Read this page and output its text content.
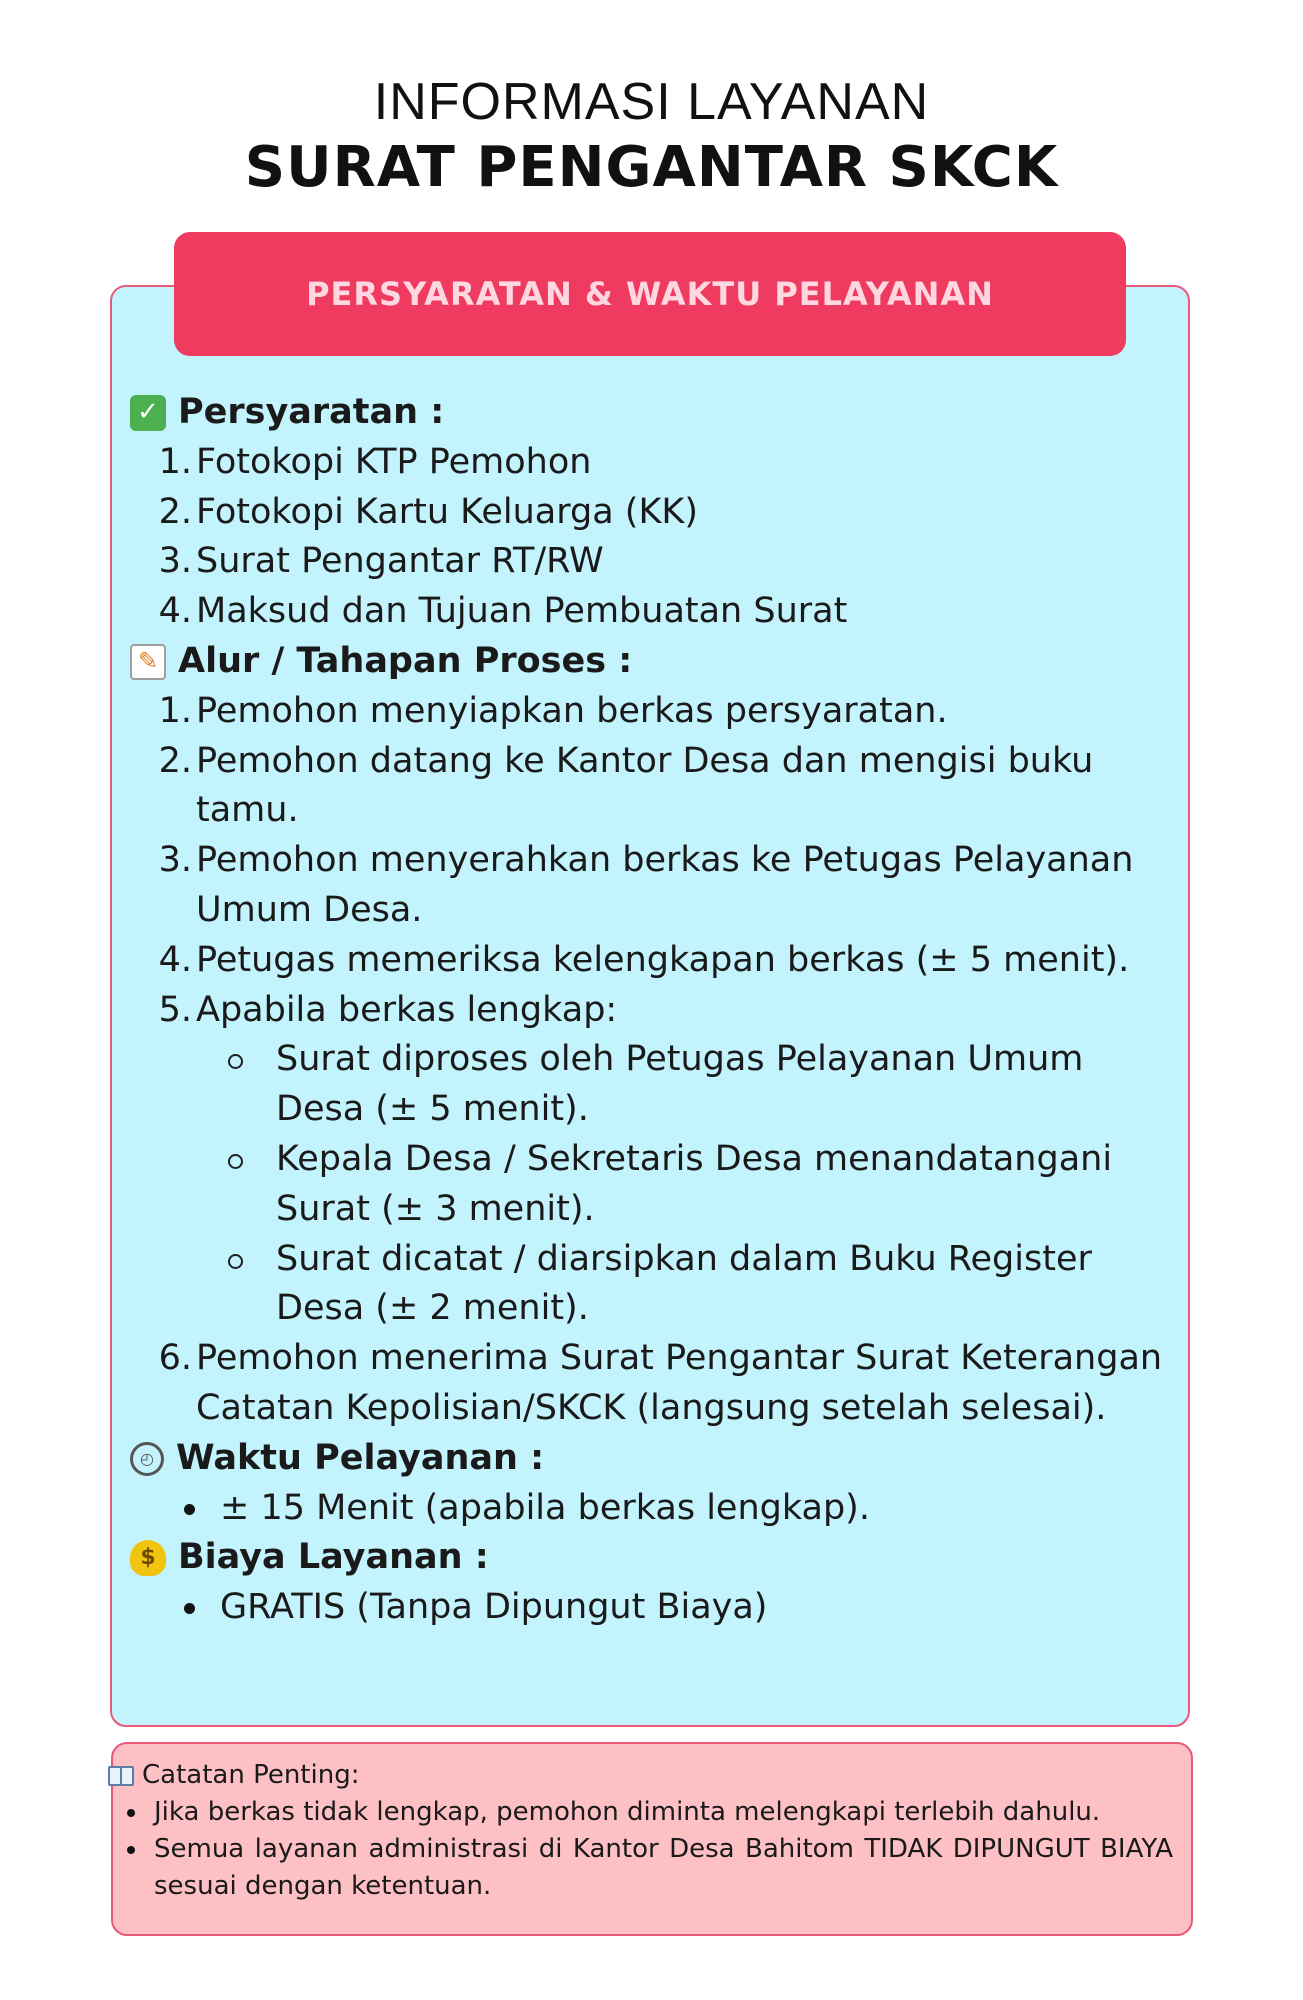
INFORMASI LAYANAN
SURAT PENGANTAR SKCK
PERSYARATAN & WAKTU PELAYANAN
✓ Persyaratan :
1. Fotokopi KTP Pemohon
2. Fotokopi Kartu Keluarga (KK)
3. Surat Pengantar RT/RW
4. Maksud dan Tujuan Pembuatan Surat
✎ Alur / Tahapan Proses :
1. Pemohon menyiapkan berkas persyaratan.
2. Pemohon datang ke Kantor Desa dan mengisi buku tamu.
3. Pemohon menyerahkan berkas ke Petugas Pelayanan Umum Desa.
4. Petugas memeriksa kelengkapan berkas (± 5 menit).
5. Apabila berkas lengkap:
Surat diproses oleh Petugas Pelayanan Umum Desa (± 5 menit).
Kepala Desa / Sekretaris Desa menandatangani Surat (± 3 menit).
Surat dicatat / diarsipkan dalam Buku Register Desa (± 2 menit).
6. Pemohon menerima Surat Pengantar Surat Keterangan Catatan Kepolisian/SKCK (langsung setelah selesai).
◴ Waktu Pelayanan :
± 15 Menit (apabila berkas lengkap).
$ Biaya Layanan :
GRATIS (Tanpa Dipungut Biaya)
Catatan Penting:
Jika berkas tidak lengkap, pemohon diminta melengkapi terlebih dahulu.
Semua layanan administrasi di Kantor Desa Bahitom TIDAK DIPUNGUT BIAYA sesuai dengan ketentuan.
